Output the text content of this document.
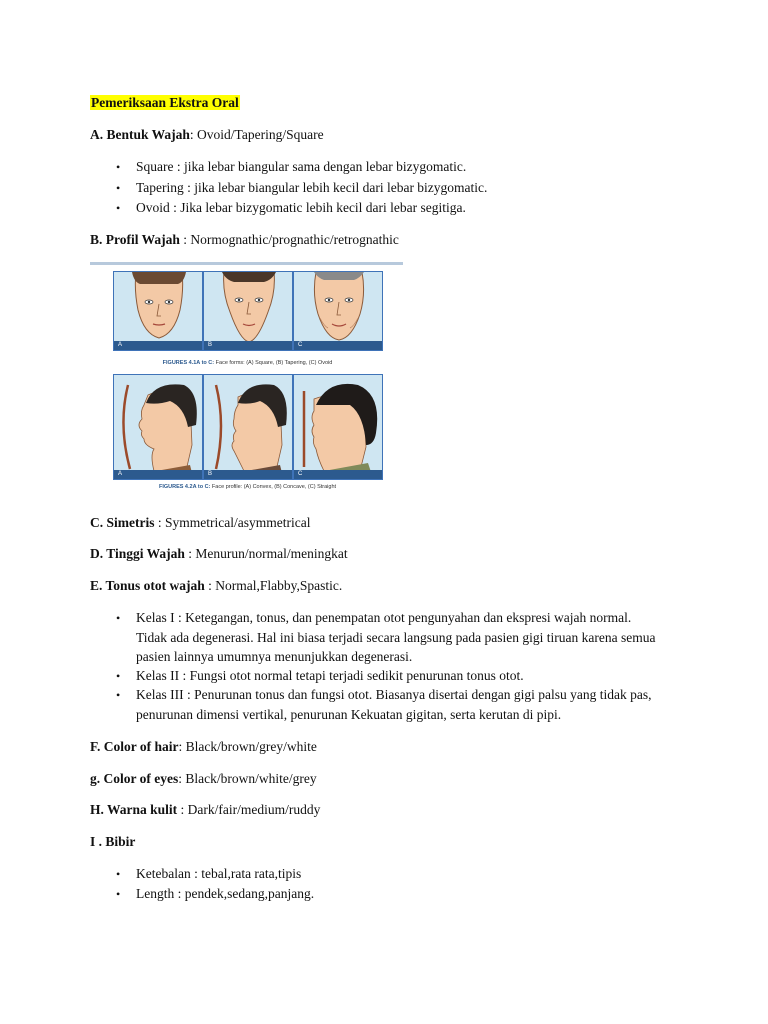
Pemeriksaan Ekstra Oral
A. Bentuk Wajah: Ovoid/Tapering/Square
• Square : jika lebar biangular sama dengan lebar bizygomatic.
• Tapering : jika lebar biangular lebih kecil dari lebar bizygomatic.
• Ovoid : Jika lebar bizygomatic lebih kecil dari lebar segitiga.
B. Profil Wajah : Normognathic/prognathic/retrognathic
A	B	C
FIGURES 4.1A to C: Face forms: (A) Square, (B) Tapering, (C) Ovoid
A	B	C
FIGURES 4.2A to C: Face profile: (A) Convex, (B) Concave, (C) Straight
C. Simetris : Symmetrical/asymmetrical
D. Tinggi Wajah : Menurun/normal/meningkat
E. Tonus otot wajah : Normal,Flabby,Spastic.
• Kelas I : Ketegangan, tonus, dan penempatan otot pengunyahan dan ekspresi wajah normal.
Tidak ada degenerasi. Hal ini biasa terjadi secara langsung pada pasien gigi tiruan karena semua
pasien lainnya umumnya menunjukkan degenerasi.
• Kelas II : Fungsi otot normal tetapi terjadi sedikit penurunan tonus otot.
• Kelas III : Penurunan tonus dan fungsi otot. Biasanya disertai dengan gigi palsu yang tidak pas,
penurunan dimensi vertikal, penurunan Kekuatan gigitan, serta kerutan di pipi.
F. Color of hair: Black/brown/grey/white
g. Color of eyes: Black/brown/white/grey
H. Warna kulit : Dark/fair/medium/ruddy
I . Bibir
• Ketebalan : tebal,rata rata,tipis
• Length : pendek,sedang,panjang.
